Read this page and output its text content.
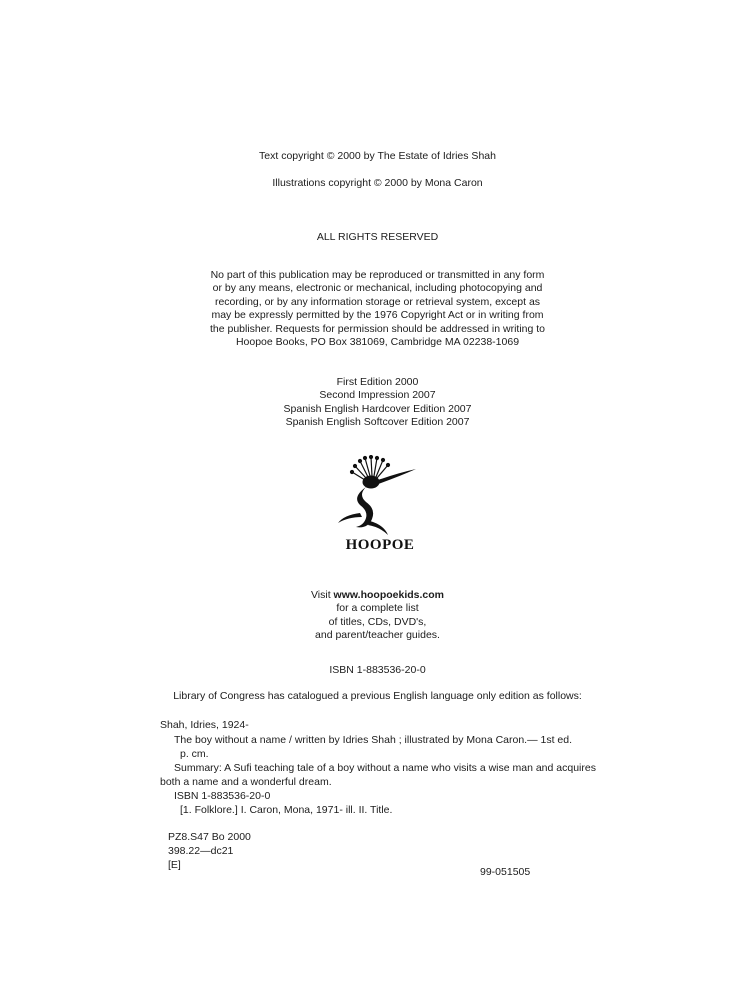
Text copyright © 2000 by The Estate of Idries Shah
Illustrations copyright © 2000 by Mona Caron
ALL RIGHTS RESERVED
No part of this publication may be reproduced or transmitted in any form
or by any means, electronic or mechanical, including photocopying and
recording, or by any information storage or retrieval system, except as
may be expressly permitted by the 1976 Copyright Act or in writing from
the publisher. Requests for permission should be addressed in writing to
Hoopoe Books, PO Box 381069, Cambridge MA 02238-1069
First Edition 2000
Second Impression 2007
Spanish English Hardcover Edition 2007
Spanish English Softcover Edition 2007
HOOPOE
Visit www.hoopoekids.com
for a complete list
of titles, CDs, DVD's,
and parent/teacher guides.
ISBN 1-883536-20-0
Library of Congress has catalogued a previous English language only edition as follows:
Shah, Idries, 1924-
The boy without a name / written by Idries Shah ; illustrated by Mona Caron.— 1st ed.
p. cm.
Summary: A Sufi teaching tale of a boy without a name who visits a wise man and acquires
both a name and a wonderful dream.
ISBN 1-883536-20-0
[1. Folklore.] I. Caron, Mona, 1971- ill. II. Title.
PZ8.S47 Bo 2000
398.22—dc21
[E]
99-051505
